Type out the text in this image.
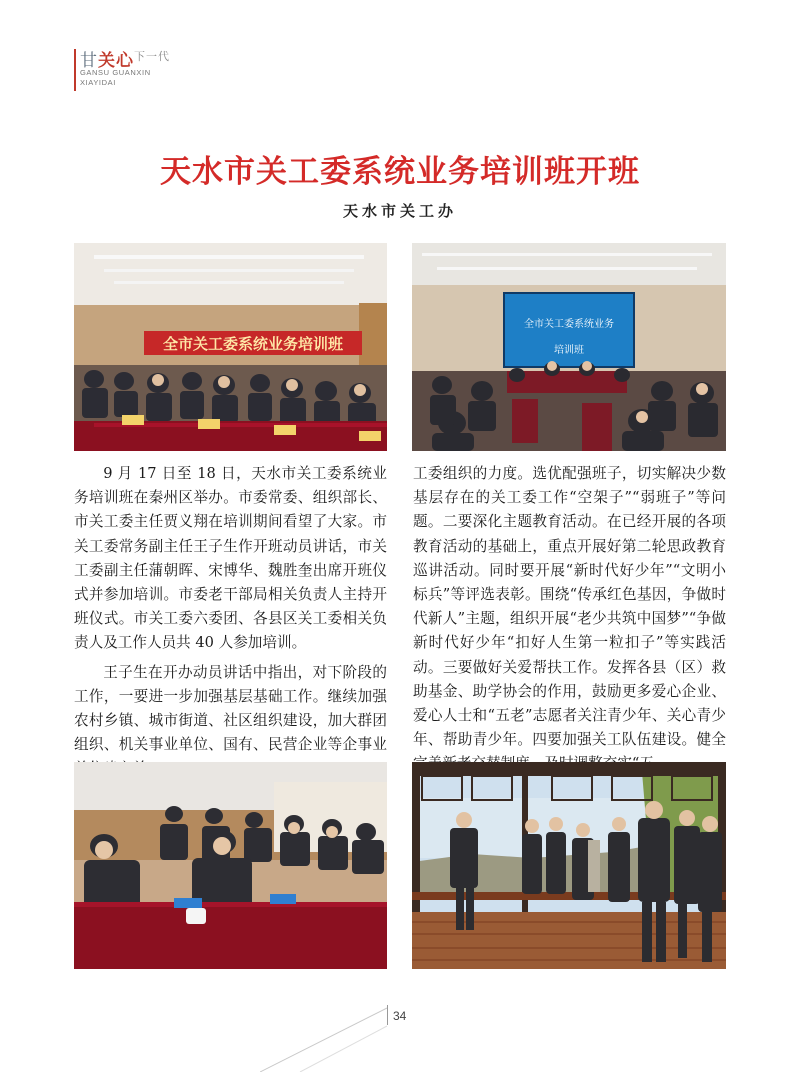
甘关心$^{下一代}$
GANSU GUANXIN
XIAYIDAI
天水市关工委系统业务培训班开班
天水市关工办
全市关工委系统业务培训班
全市关工委系统业务
培训班

9 月 17 日至 18 日，天水市关工委系统业务培训班在秦州区举办。市委常委、组织部长、市关工委主任贾义翔在培训期间看望了大家。市关工委常务副主任王子生作开班动员讲话，市关工委副主任蒲朝晖、宋博华、魏胜奎出席开班仪式并参加培训。市委老干部局相关负责人主持开班仪式。市关工委六委团、各县区关工委相关负责人及工作人员共 40 人参加培训。

王子生在开办动员讲话中指出，对下阶段的工作，一要进一步加强基层基础工作。继续加强农村乡镇、城市街道、社区组织建设，加大群团组织、机关事业单位、国有、民营企业等企事业

工委组织的力度。选优配强班子，切实解决少数基层存在的关工委工作“空架子”“弱班子”等问题。二要深化主题教育活动。在已经开展的各项教育活动的基础上，重点开展好第二轮思政教育巡讲活动。同时要开展“新时代好少年”“文明小标兵”等评选表彰。围绕“传承红色基因，争做时代新人”主题，组织开展“老少共筑中国梦”“争做新时代好少年“扣好人生第一粒扣子”等实践活动。三要做好关爱帮扶工作。发挥各县（区）救助基金、助学协会的作用，鼓励更多爱心企业、爱心人士和“五老”志愿者关注青少年、关心青少年、帮助青少年。四要加强关工队伍建设。健全

34
